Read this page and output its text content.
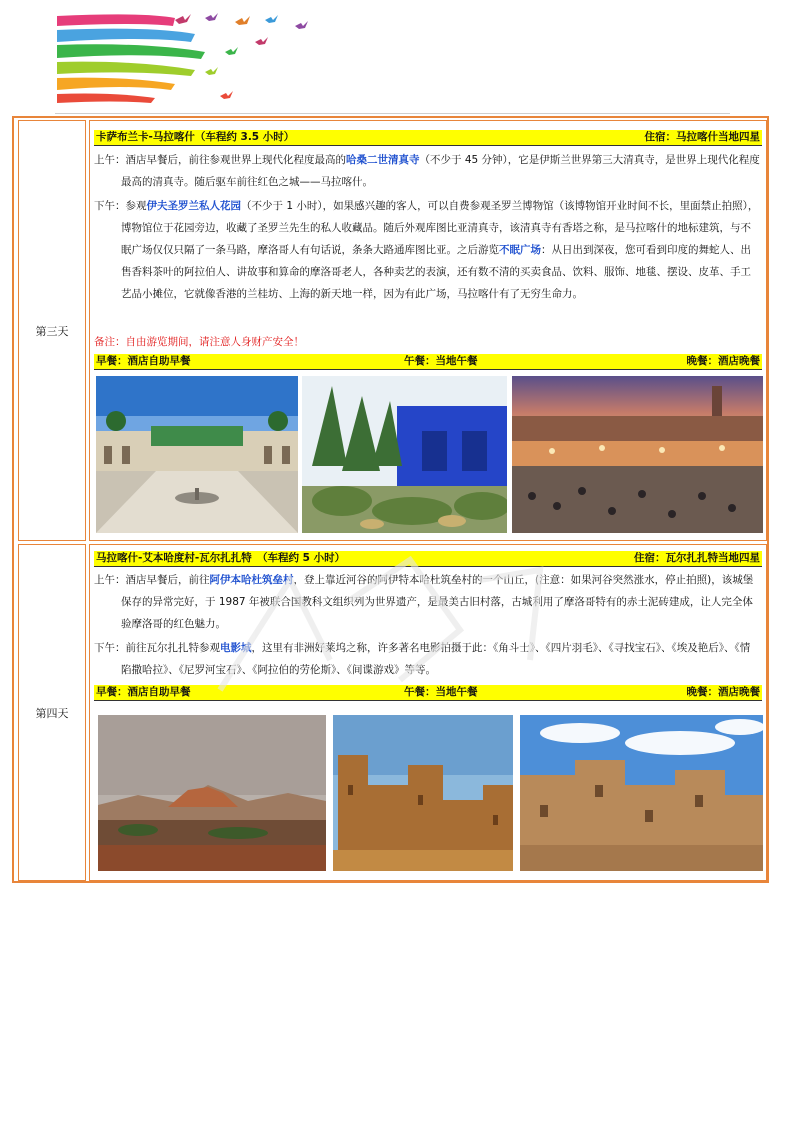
第三天
卡萨布兰卡-马拉喀什（车程约 3.5 小时）	住宿：马拉喀什当地四星
上午：酒店早餐后，前往参观世界上现代化程度最高的哈桑二世清真寺（不少于 45 分钟），它是伊斯兰世界第三大清真寺，是世界上现代化程度最高的清真寺。随后驱车前往红色之城——马拉喀什。
下午：参观伊夫圣罗兰私人花园（不少于 1 小时），如果感兴趣的客人，可以自费参观圣罗兰博物馆（该博物馆开业时间不长，里面禁止拍照），博物馆位于花园旁边，收藏了圣罗兰先生的私人收藏品。随后外观库图比亚清真寺，该清真寺有香塔之称，是马拉喀什的地标建筑，与不眠广场仅仅只隔了一条马路，摩洛哥人有句话说，条条大路通库图比亚。之后游览不眠广场：从日出到深夜，您可看到印度的舞蛇人、出售香料茶叶的阿拉伯人、讲故事和算命的摩洛哥老人，各种卖艺的表演，还有数不清的买卖食品、饮料、服饰、地毯、摆设、皮革、手工艺品小摊位，它就像香港的兰桂坊、上海的新天地一样，因为有此广场，马拉喀什有了无穷生命力。
备注：自由游览期间，请注意人身财产安全！
早餐：酒店自助早餐	午餐：当地午餐	晚餐：酒店晚餐
第四天
马拉喀什-艾本哈度村-瓦尔扎扎特　（车程约 5 小时）	住宿：瓦尔扎扎特当地四星
上午：酒店早餐后，前往阿伊本哈杜筑垒村，登上靠近河谷的阿伊特本哈杜筑垒村的一个山丘，(注意：如果河谷突然涨水，停止拍照)，该城堡保存的异常完好，于 1987 年被联合国教科文组织列为世界遗产，是最美古旧村落，古城利用了摩洛哥特有的赤土泥砖建成，让人完全体验摩洛哥的红色魅力。
下午：前往瓦尔扎扎特参观电影城，这里有非洲好莱坞之称，许多著名电影拍摄于此：《角斗士》、《四片羽毛》、《寻找宝石》、《埃及艳后》、《情陷撒哈拉》、《尼罗河宝石》、《阿拉伯的劳伦斯》、《间谍游戏》等等。
早餐：酒店自助早餐	午餐：当地午餐	晚餐：酒店晚餐
